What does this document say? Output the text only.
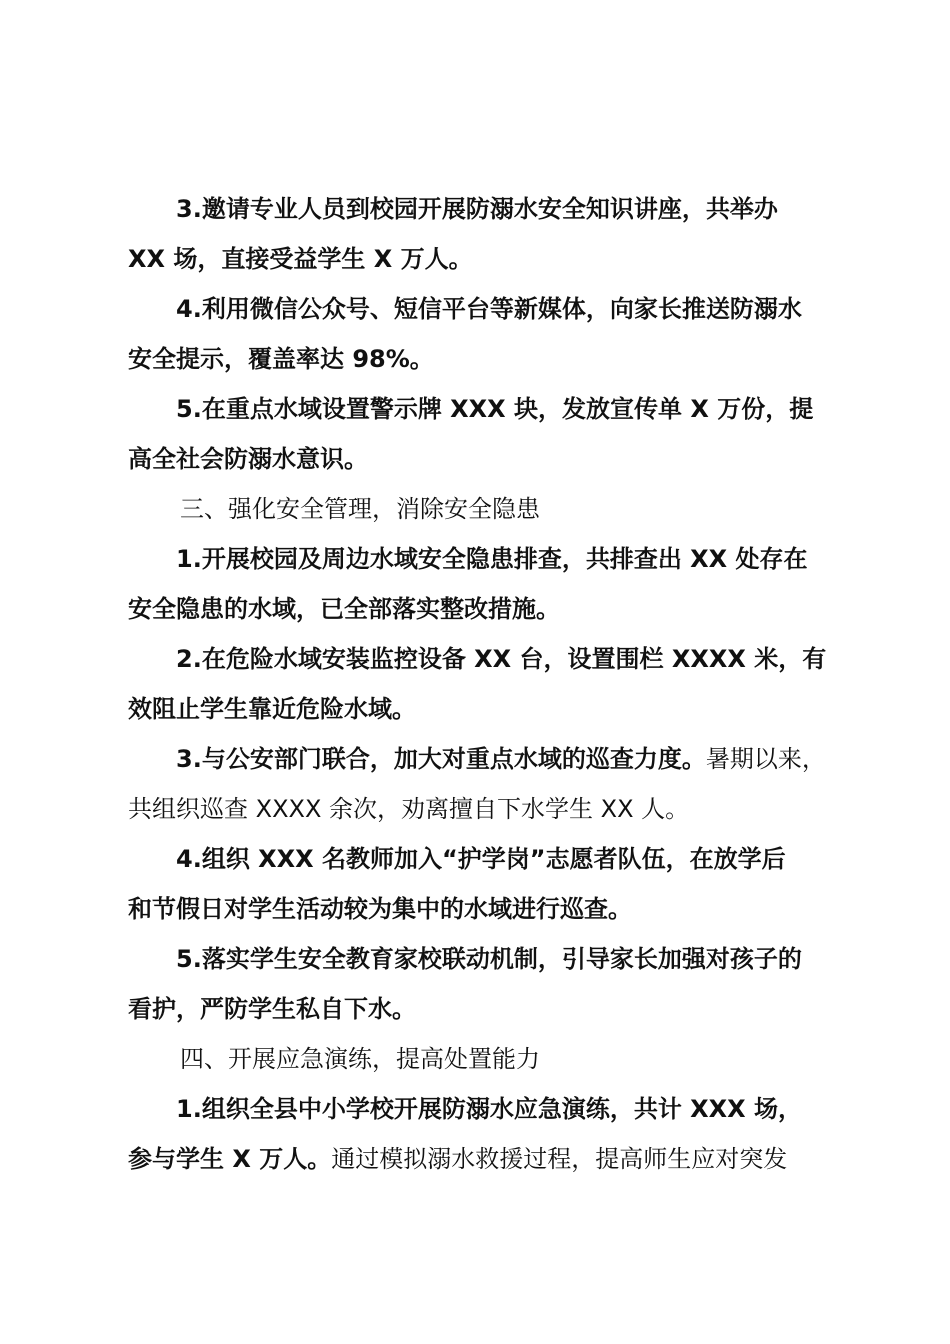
3.邀请专业人员到校园开展防溺水安全知识讲座，共举办
XX 场，直接受益学生 X 万人。
4.利用微信公众号、短信平台等新媒体，向家长推送防溺水
安全提示，覆盖率达 98%。
5.在重点水域设置警示牌 XXX 块，发放宣传单 X 万份，提
高全社会防溺水意识。
三、强化安全管理，消除安全隐患
1.开展校园及周边水域安全隐患排查，共排查出 XX 处存在
安全隐患的水域，已全部落实整改措施。
2.在危险水域安装监控设备 XX 台，设置围栏 XXXX 米，有
效阻止学生靠近危险水域。
3.与公安部门联合，加大对重点水域的巡查力度。暑期以来，
共组织巡查 XXXX 余次，劝离擅自下水学生 XX 人。
4.组织 XXX 名教师加入“护学岗”志愿者队伍，在放学后
和节假日对学生活动较为集中的水域进行巡查。
5.落实学生安全教育家校联动机制，引导家长加强对孩子的
看护，严防学生私自下水。
四、开展应急演练，提高处置能力
1.组织全县中小学校开展防溺水应急演练，共计 XXX 场，
参与学生 X 万人。通过模拟溺水救援过程，提高师生应对突发
